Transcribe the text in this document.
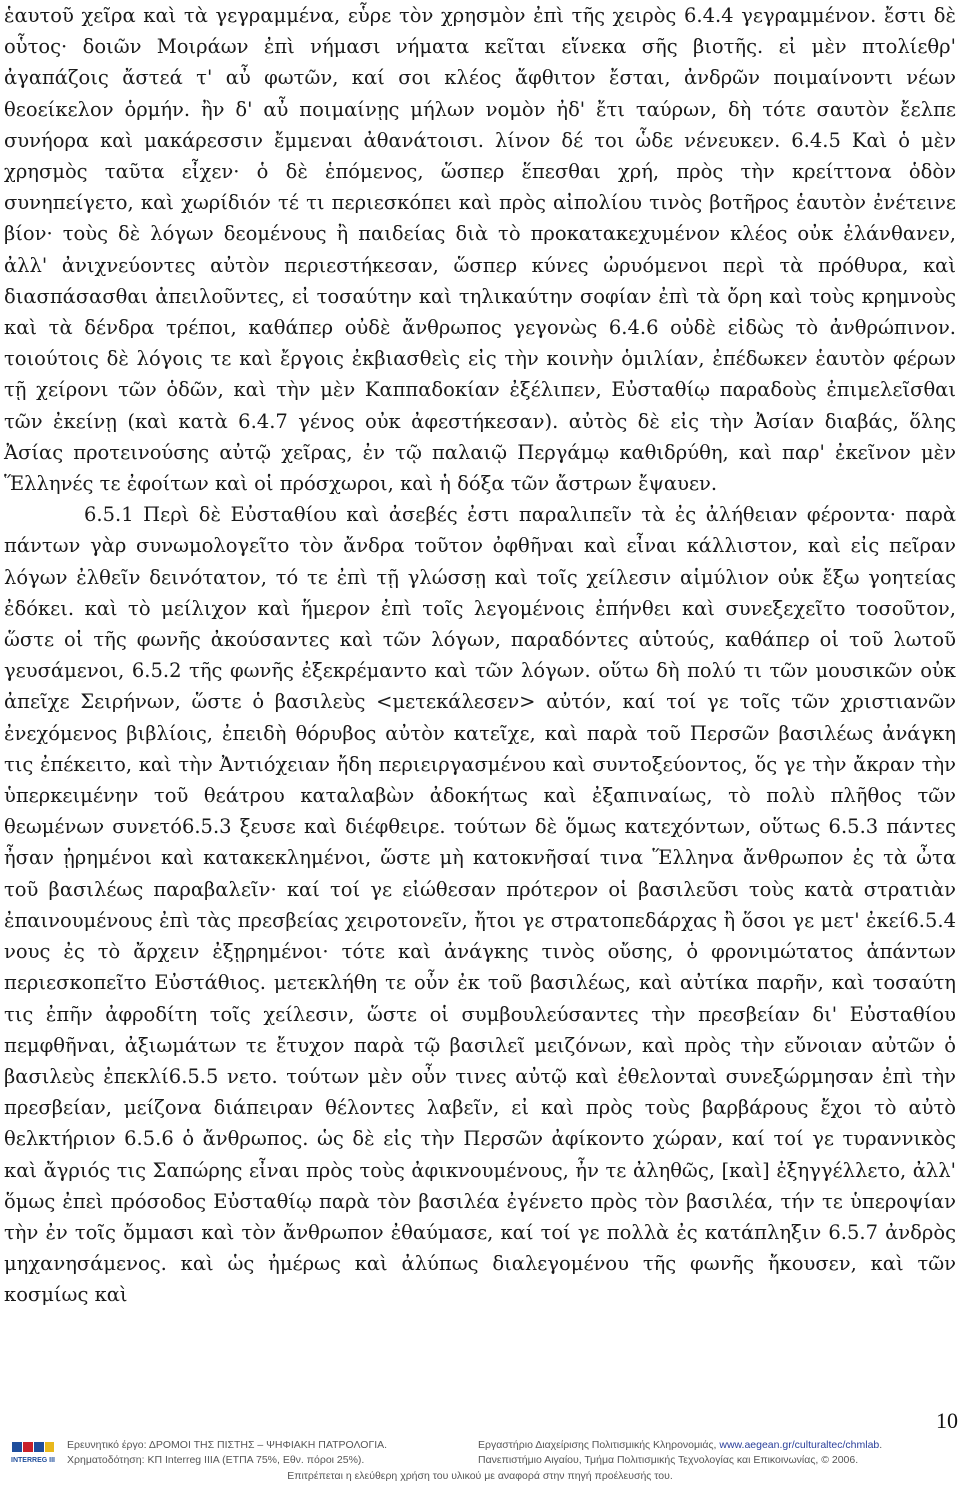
ἑαυτοῦ χεῖρα καὶ τὰ γεγραμμένα, εὗρε τὸν χρησμὸν ἐπὶ τῆς χειρὸς 6.4.4 γεγραμμένον. ἔστι δὲ οὗτος· δοιῶν Μοιράων ἐπὶ νήμασι νήματα κεῖται εἵνεκα σῆς βιοτῆς. εἰ μὲν πτολίεθρ' ἀγαπάζοις ἄστεά τ' αὖ φωτῶν, καί σοι κλέος ἄφθιτον ἔσται, ἀνδρῶν ποιμαίνοντι νέων θεοείκελον ὁρμήν. ἢν δ' αὖ ποιμαίνῃς μήλων νομὸν ἠδ' ἔτι ταύρων, δὴ τότε σαυτὸν ἔελπε συνήορα καὶ μακάρεσσιν ἔμμεναι ἀθανάτοισι. λίνον δέ τοι ὧδε νένευκεν. 6.4.5 Καὶ ὁ μὲν χρησμὸς ταῦτα εἶχεν· ὁ δὲ ἑπόμενος, ὥσπερ ἕπεσθαι χρή, πρὸς τὴν κρείττονα ὁδὸν συνηπείγετο, καὶ χωρίδιόν τέ τι περιεσκόπει καὶ πρὸς αἰπολίου τινὸς βοτῆρος ἑαυτὸν ἐνέτεινε βίον· τοὺς δὲ λόγων δεομένους ἢ παιδείας διὰ τὸ προκατακεχυμένον κλέος οὐκ ἐλάνθανεν, ἀλλ' ἀνιχνεύοντες αὐτὸν περιεστήκεσαν, ὥσπερ κύνες ὠρυόμενοι περὶ τὰ πρόθυρα, καὶ διασπάσασθαι ἀπειλοῦντες, εἰ τοσαύτην καὶ τηλικαύτην σοφίαν ἐπὶ τὰ ὄρη καὶ τοὺς κρημνοὺς καὶ τὰ δένδρα τρέποι, καθάπερ οὐδὲ ἄνθρωπος γεγονὼς 6.4.6 οὐδὲ εἰδὼς τὸ ἀνθρώπινον. τοιούτοις δὲ λόγοις τε καὶ ἔργοις ἐκβιασθεὶς εἰς τὴν κοινὴν ὁμιλίαν, ἐπέδωκεν ἑαυτὸν φέρων τῇ χείρονι τῶν ὁδῶν, καὶ τὴν μὲν Καππαδοκίαν ἐξέλιπεν, Εὐσταθίῳ παραδοὺς ἐπιμελεῖσθαι τῶν ἐκείνῃ (καὶ κατὰ 6.4.7 γένος οὐκ ἀφεστήκεσαν). αὐτὸς δὲ εἰς τὴν Ἀσίαν διαβάς, ὅλης Ἀσίας προτεινούσης αὐτῷ χεῖρας, ἐν τῷ παλαιῷ Περγάμῳ καθιδρύθη, καὶ παρ' ἐκεῖνον μὲν Ἕλληνές τε ἐφοίτων καὶ οἱ πρόσχωροι, καὶ ἡ δόξα τῶν ἄστρων ἔψαυεν.

6.5.1 Περὶ δὲ Εὐσταθίου καὶ ἀσεβές ἐστι παραλιπεῖν τὰ ἐς ἀλήθειαν φέροντα· παρὰ πάντων γὰρ συνωμολογεῖτο τὸν ἄνδρα τοῦτον ὀφθῆναι καὶ εἶναι κάλλιστον, καὶ εἰς πεῖραν λόγων ἐλθεῖν δεινότατον, τό τε ἐπὶ τῇ γλώσσῃ καὶ τοῖς χείλεσιν αἱμύλιον οὐκ ἔξω γοητείας ἐδόκει. καὶ τὸ μείλιχον καὶ ἥμερον ἐπὶ τοῖς λεγομένοις ἐπήνθει καὶ συνεξεχεῖτο τοσοῦτον, ὥστε οἱ τῆς φωνῆς ἀκούσαντες καὶ τῶν λόγων, παραδόντες αὑτούς, καθάπερ οἱ τοῦ λωτοῦ γευσάμενοι, 6.5.2 τῆς φωνῆς ἐξεκρέμαντο καὶ τῶν λόγων. οὕτω δὴ πολύ τι τῶν μουσικῶν οὐκ ἀπεῖχε Σειρήνων, ὥστε ὁ βασιλεὺς <μετεκάλεσεν> αὐτόν, καί τοί γε τοῖς τῶν χριστιανῶν ἐνεχόμενος βιβλίοις, ἐπειδὴ θόρυβος αὐτὸν κατεῖχε, καὶ παρὰ τοῦ Περσῶν βασιλέως ἀνάγκη τις ἐπέκειτο, καὶ τὴν Ἀντιόχειαν ἤδη περιειργασμένου καὶ συντοξεύοντος, ὅς γε τὴν ἄκραν τὴν ὑπερκειμένην τοῦ θεάτρου καταλαβὼν ἀδοκήτως καὶ ἐξαπιναίως, τὸ πολὺ πλῆθος τῶν θεωμένων συνετό6.5.3 ξευσε καὶ διέφθειρε. τούτων δὲ ὅμως κατεχόντων, οὕτως 6.5.3 πάντες ἦσαν ᾐρημένοι καὶ κατακεκλημένοι, ὥστε μὴ κατοκνῆσαί τινα Ἕλληνα ἄνθρωπον ἐς τὰ ὦτα τοῦ βασιλέως παραβαλεῖν· καί τοί γε εἰώθεσαν πρότερον οἱ βασιλεῦσι τοὺς κατὰ στρατιὰν ἐπαινουμένους ἐπὶ τὰς πρεσβείας χειροτονεῖν, ἤτοι γε στρατοπεδάρχας ἢ ὅσοι γε μετ' ἐκεί6.5.4 νους ἐς τὸ ἄρχειν ἐξῃρημένοι· τότε καὶ ἀνάγκης τινὸς οὔσης, ὁ φρονιμώτατος ἁπάντων περιεσκοπεῖτο Εὐστάθιος. μετεκλήθη τε οὖν ἐκ τοῦ βασιλέως, καὶ αὐτίκα παρῆν, καὶ τοσαύτη τις ἐπῆν ἀφροδίτη τοῖς χείλεσιν, ὥστε οἱ συμβουλεύσαντες τὴν πρεσβείαν δι' Εὐσταθίου πεμφθῆναι, ἀξιωμάτων τε ἔτυχον παρὰ τῷ βασιλεῖ μειζόνων, καὶ πρὸς τὴν εὔνοιαν αὐτῶν ὁ βασιλεὺς ἐπεκλί6.5.5 νετο. τούτων μὲν οὖν τινες αὐτῷ καὶ ἐθελονταὶ συνεξώρμησαν ἐπὶ τὴν πρεσβείαν, μείζονα διάπειραν θέλοντες λαβεῖν, εἰ καὶ πρὸς τοὺς βαρβάρους ἔχοι τὸ αὐτὸ θελκτήριον 6.5.6 ὁ ἄνθρωπος. ὡς δὲ εἰς τὴν Περσῶν ἀφίκοντο χώραν, καί τοί γε τυραννικὸς καὶ ἄγριός τις Σαπώρης εἶναι πρὸς τοὺς ἀφικνουμένους, ἦν τε ἀληθῶς, [καὶ] ἐξηγγέλλετο, ἀλλ' ὅμως ἐπεὶ πρόσοδος Εὐσταθίῳ παρὰ τὸν βασιλέα ἐγένετο πρὸς τὸν βασιλέα, τήν τε ὑπεροψίαν τὴν ἐν τοῖς ὄμμασι καὶ τὸν ἄνθρωπον ἐθαύμασε, καί τοί γε πολλὰ ἐς κατάπληξιν 6.5.7 ἀνδρὸς μηχανησάμενος. καὶ ὡς ἠμέρως καὶ ἀλύπως διαλεγομένου τῆς φωνῆς ἤκουσεν, καὶ τῶν κοσμίως καὶ

10
INTERREG III
Ερευνητικό έργο: ΔΡΟΜΟΙ ΤΗΣ ΠΙΣΤΗΣ – ΨΗΦΙΑΚΗ ΠΑΤΡΟΛΟΓΙΑ.
Χρηματοδότηση: ΚΠ Interreg IIIA (ΕΤΠΑ 75%, Εθν. πόροι 25%).
Εργαστήριο Διαχείρισης Πολιτισμικής Κληρονομιάς, www.aegean.gr/culturaltec/chmlab.
Πανεπιστήμιο Αιγαίου, Τμήμα Πολιτισμικής Τεχνολογίας και Επικοινωνίας, © 2006.
Επιτρέπεται η ελεύθερη χρήση του υλικού με αναφορά στην πηγή προέλευσής του.
